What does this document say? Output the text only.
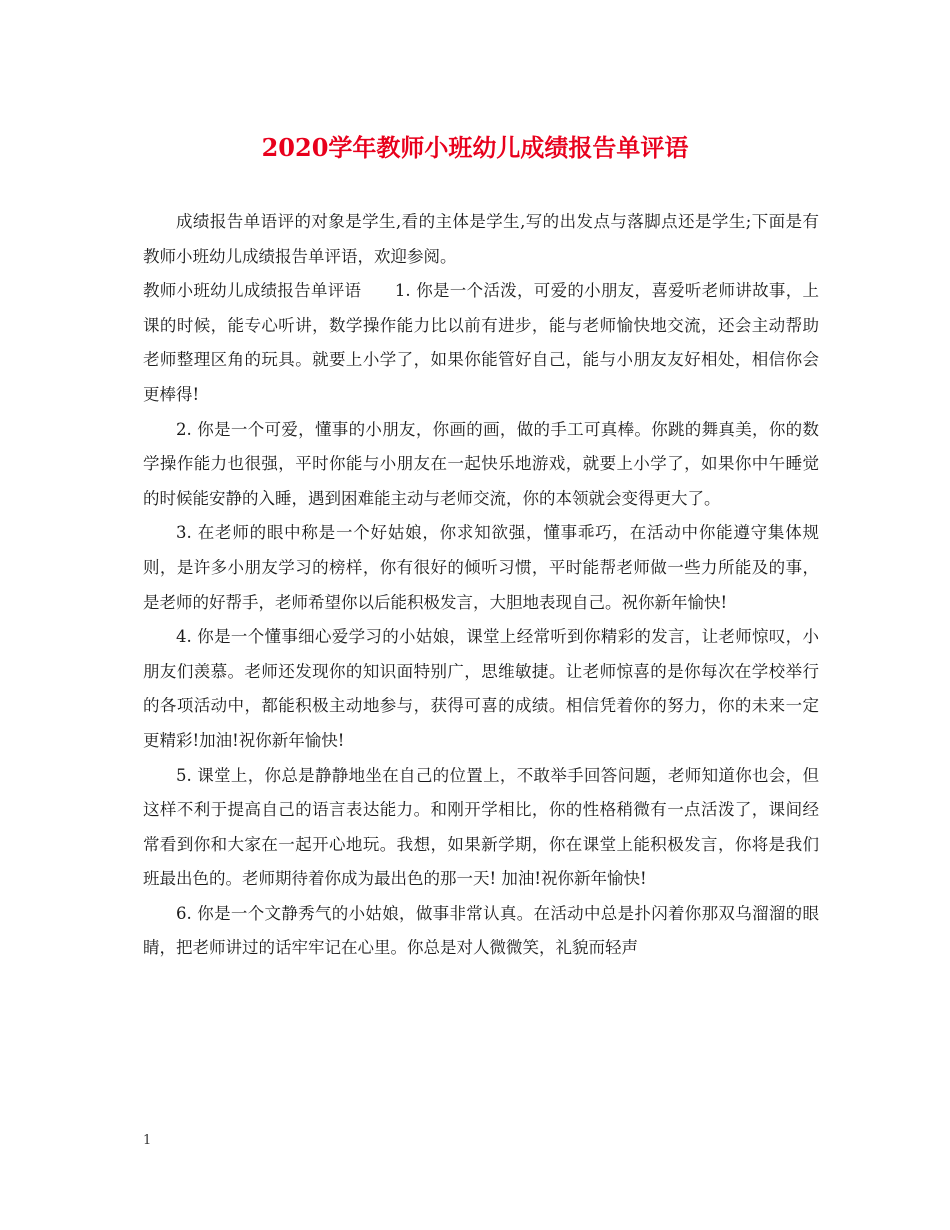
2020学年教师小班幼儿成绩报告单评语

成绩报告单语评的对象是学生,看的主体是学生,写的出发点与落脚点还是学生;下面是有教师小班幼儿成绩报告单评语，欢迎参阅。

教师小班幼儿成绩报告单评语　　1. 你是一个活泼，可爱的小朋友，喜爱听老师讲故事，上课的时候，能专心听讲，数学操作能力比以前有进步，能与老师愉快地交流，还会主动帮助老师整理区角的玩具。就要上小学了，如果你能管好自己，能与小朋友友好相处，相信你会更棒得!

2. 你是一个可爱，懂事的小朋友，你画的画，做的手工可真棒。你跳的舞真美，你的数学操作能力也很强，平时你能与小朋友在一起快乐地游戏，就要上小学了，如果你中午睡觉的时候能安静的入睡，遇到困难能主动与老师交流，你的本领就会变得更大了。

3. 在老师的眼中称是一个好姑娘，你求知欲强，懂事乖巧，在活动中你能遵守集体规则，是许多小朋友学习的榜样，你有很好的倾听习惯，平时能帮老师做一些力所能及的事，是老师的好帮手，老师希望你以后能积极发言，大胆地表现自己。祝你新年愉快!

4. 你是一个懂事细心爱学习的小姑娘，课堂上经常听到你精彩的发言，让老师惊叹，小朋友们羡慕。老师还发现你的知识面特别广，思维敏捷。让老师惊喜的是你每次在学校举行的各项活动中，都能积极主动地参与，获得可喜的成绩。相信凭着你的努力，你的未来一定更精彩!加油!祝你新年愉快!

5. 课堂上，你总是静静地坐在自己的位置上，不敢举手回答问题，老师知道你也会，但这样不利于提高自己的语言表达能力。和刚开学相比，你的性格稍微有一点活泼了，课间经常看到你和大家在一起开心地玩。我想，如果新学期，你在课堂上能积极发言，你将是我们班最出色的。老师期待着你成为最出色的那一天! 加油!祝你新年愉快!

6. 你是一个文静秀气的小姑娘，做事非常认真。在活动中总是扑闪着你那双乌溜溜的眼睛，把老师讲过的话牢牢记在心里。你总是对人微微笑，礼貌而轻声

1
